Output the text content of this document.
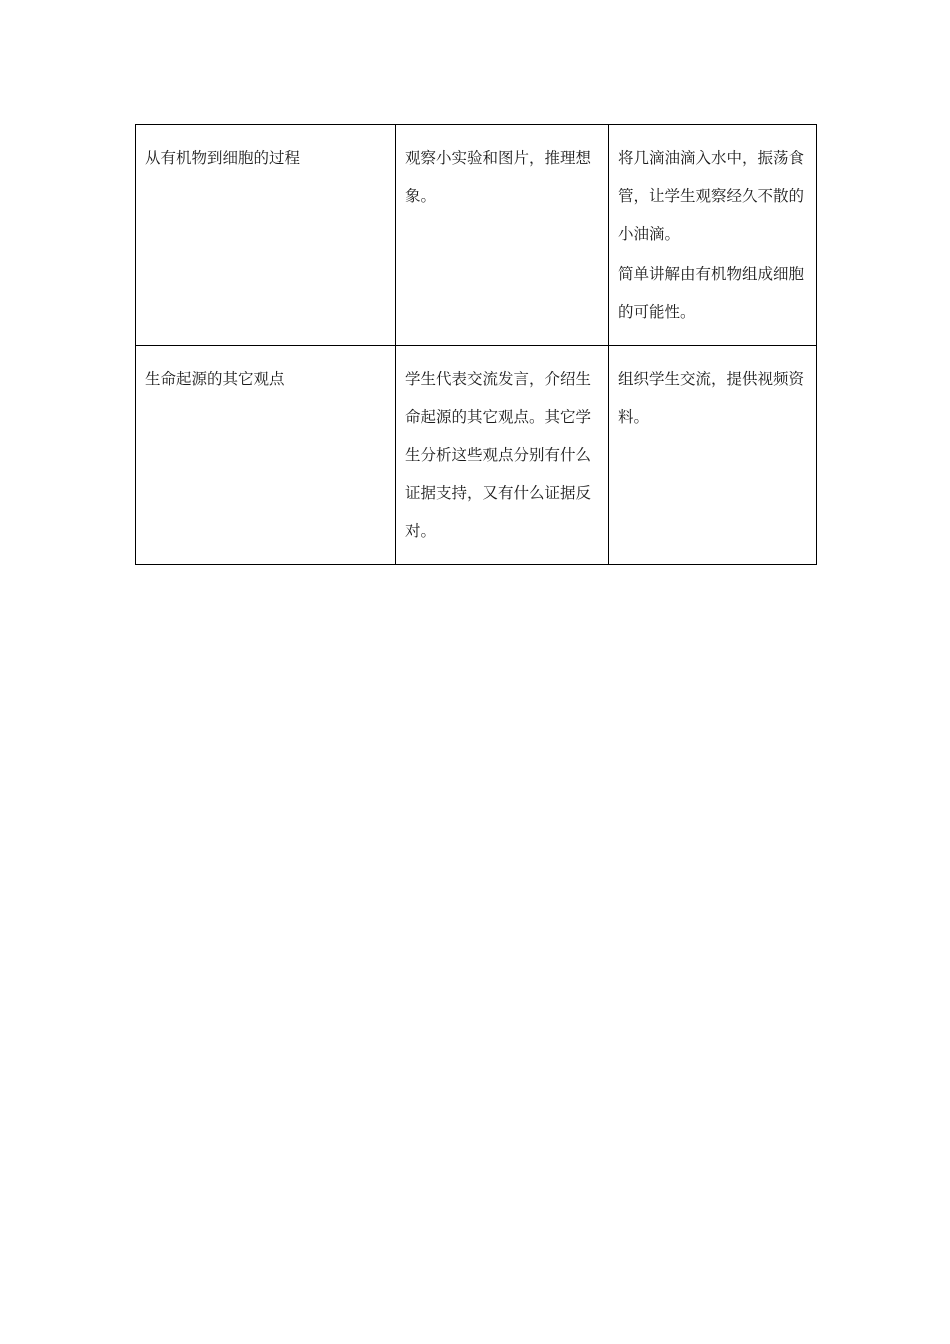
从有机物到细胞的过程	观察小实验和图片，推理想象。	将几滴油滴入水中，振荡食管，让学生观察经久不散的小油滴。
简单讲解由有机物组成细胞的可能性。

生命起源的其它观点	学生代表交流发言，介绍生命起源的其它观点。其它学生分析这些观点分别有什么证据支持，又有什么证据反对。	组织学生交流，提供视频资料。
